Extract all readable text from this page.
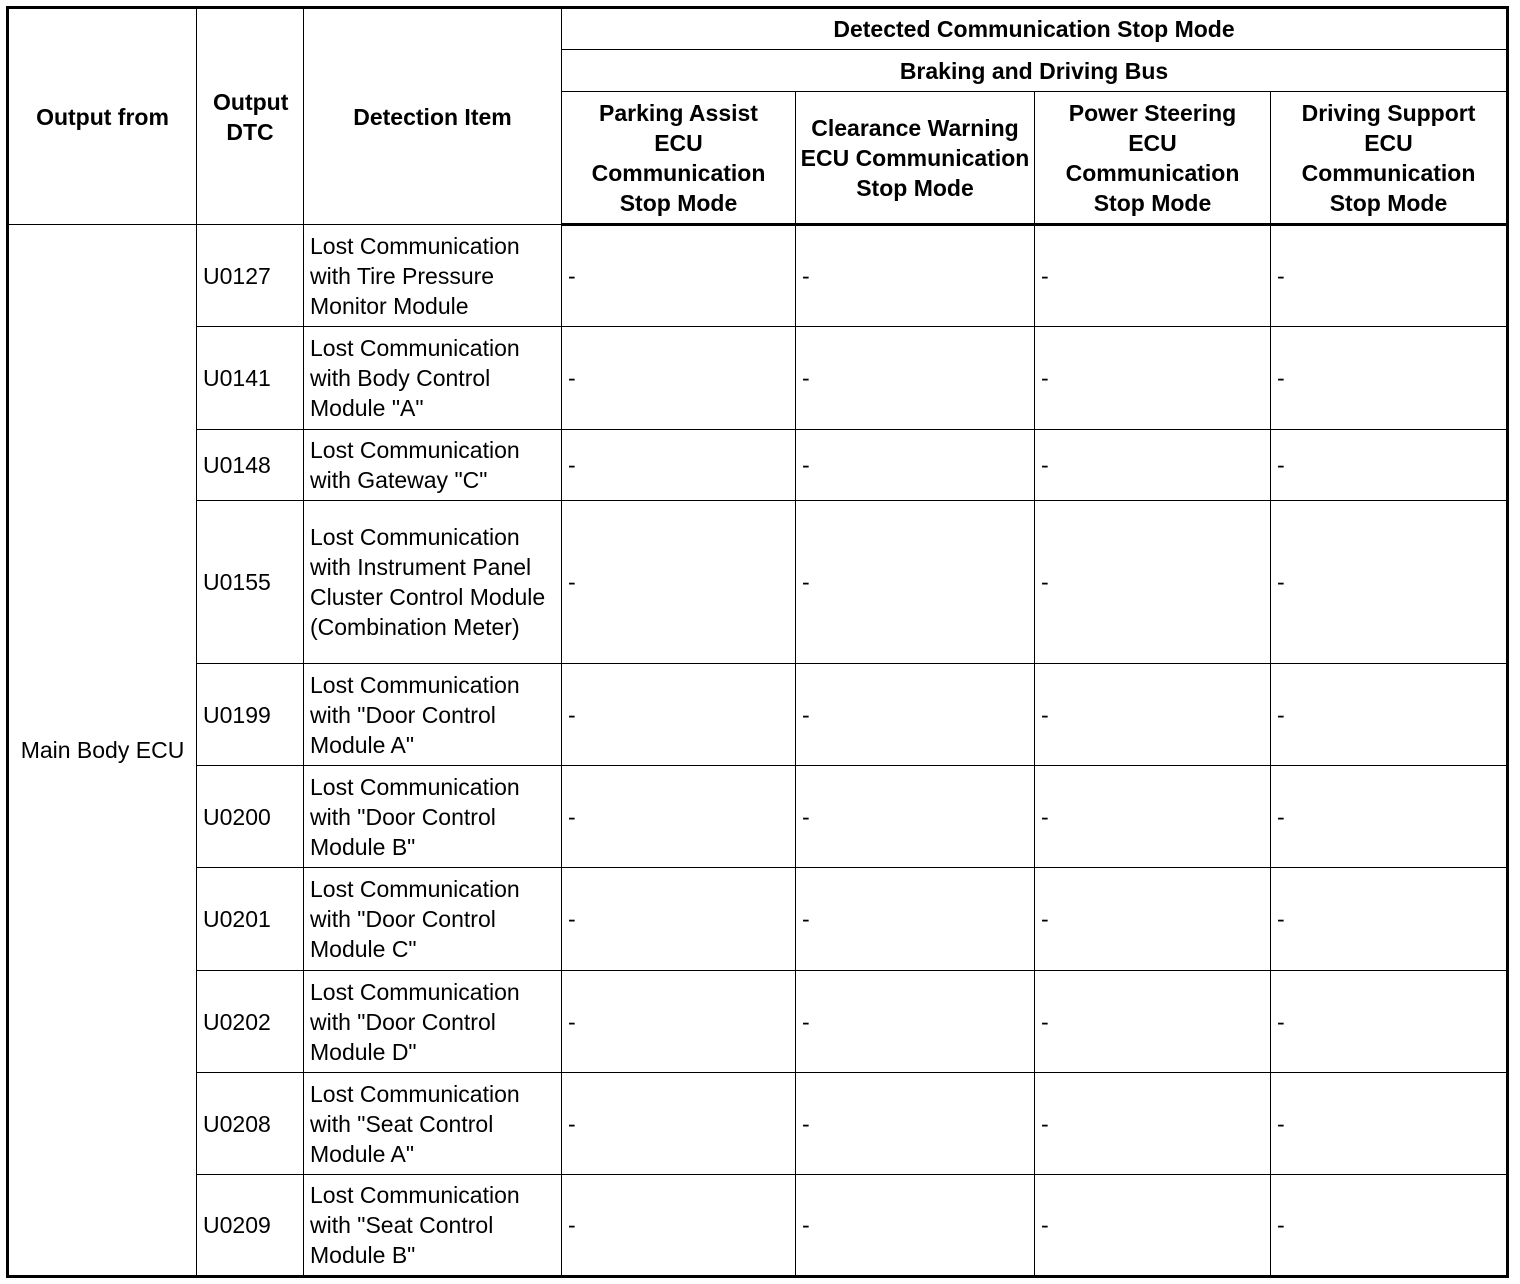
Output from	Output DTC	Detection Item	Detected Communication Stop Mode			
			Braking and Driving Bus			
			Parking Assist ECU Communication Stop Mode	Clearance Warning ECU Communication Stop Mode	Power Steering ECU Communication Stop Mode	Driving Support ECU Communication Stop Mode
Main Body ECU	U0127	Lost Communication with Tire Pressure Monitor Module	-	-	-	-
	U0141	Lost Communication with Body Control Module "A"	-	-	-	-
	U0148	Lost Communication with Gateway "C"	-	-	-	-
	U0155	Lost Communication with Instrument Panel Cluster Control Module (Combination Meter)	-	-	-	-
	U0199	Lost Communication with "Door Control Module A"	-	-	-	-
	U0200	Lost Communication with "Door Control Module B"	-	-	-	-
	U0201	Lost Communication with "Door Control Module C"	-	-	-	-
	U0202	Lost Communication with "Door Control Module D"	-	-	-	-
	U0208	Lost Communication with "Seat Control Module A"	-	-	-	-
	U0209	Lost Communication with "Seat Control Module B"	-	-	-	-
